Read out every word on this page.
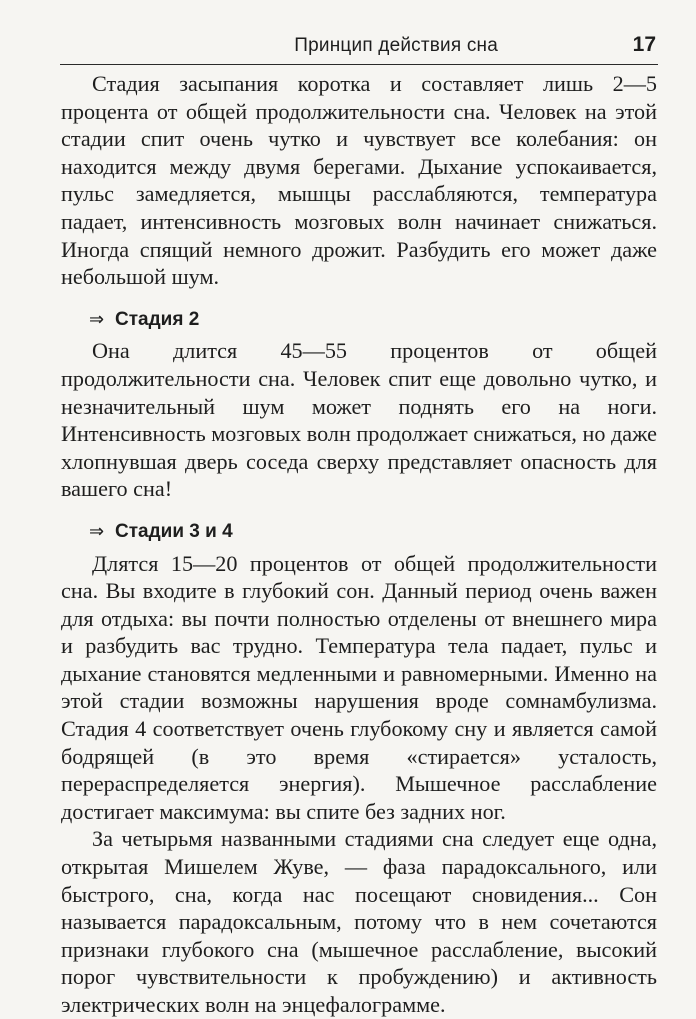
Принцип действия сна	17

Стадия засыпания коротка и составляет лишь 2—5 процента от общей продолжительности сна. Человек на этой стадии спит очень чутко и чувствует все колебания: он находится между двумя берегами. Дыхание успокаивается, пульс замедляется, мышцы расслабляются, температура падает, интенсивность мозговых волн начинает снижаться. Иногда спящий немного дрожит. Разбудить его может даже небольшой шум.

⇒ Стадия 2

Она длится 45—55 процентов от общей продолжительности сна. Человек спит еще довольно чутко, и незначительный шум может поднять его на ноги. Интенсивность мозговых волн продолжает снижаться, но даже хлопнувшая дверь соседа сверху представляет опасность для вашего сна!

⇒ Стадии 3 и 4

Длятся 15—20 процентов от общей продолжительности сна. Вы входите в глубокий сон. Данный период очень важен для отдыха: вы почти полностью отделены от внешнего мира и разбудить вас трудно. Температура тела падает, пульс и дыхание становятся медленными и равномерными. Именно на этой стадии возможны нарушения вроде сомнамбулизма. Стадия 4 соответствует очень глубокому сну и является самой бодрящей (в это время «стирается» усталость, перераспределяется энергия). Мышечное расслабление достигает максимума: вы спите без задних ног.

За четырьмя названными стадиями сна следует еще одна, открытая Мишелем Жуве, — фаза парадоксального, или быстрого, сна, когда нас посещают сновидения... Сон называется парадоксальным, потому что в нем сочетаются признаки глубокого сна (мышечное расслабление, высокий порог чувствительности к пробуждению) и активность электрических волн на энцефалограмме.
